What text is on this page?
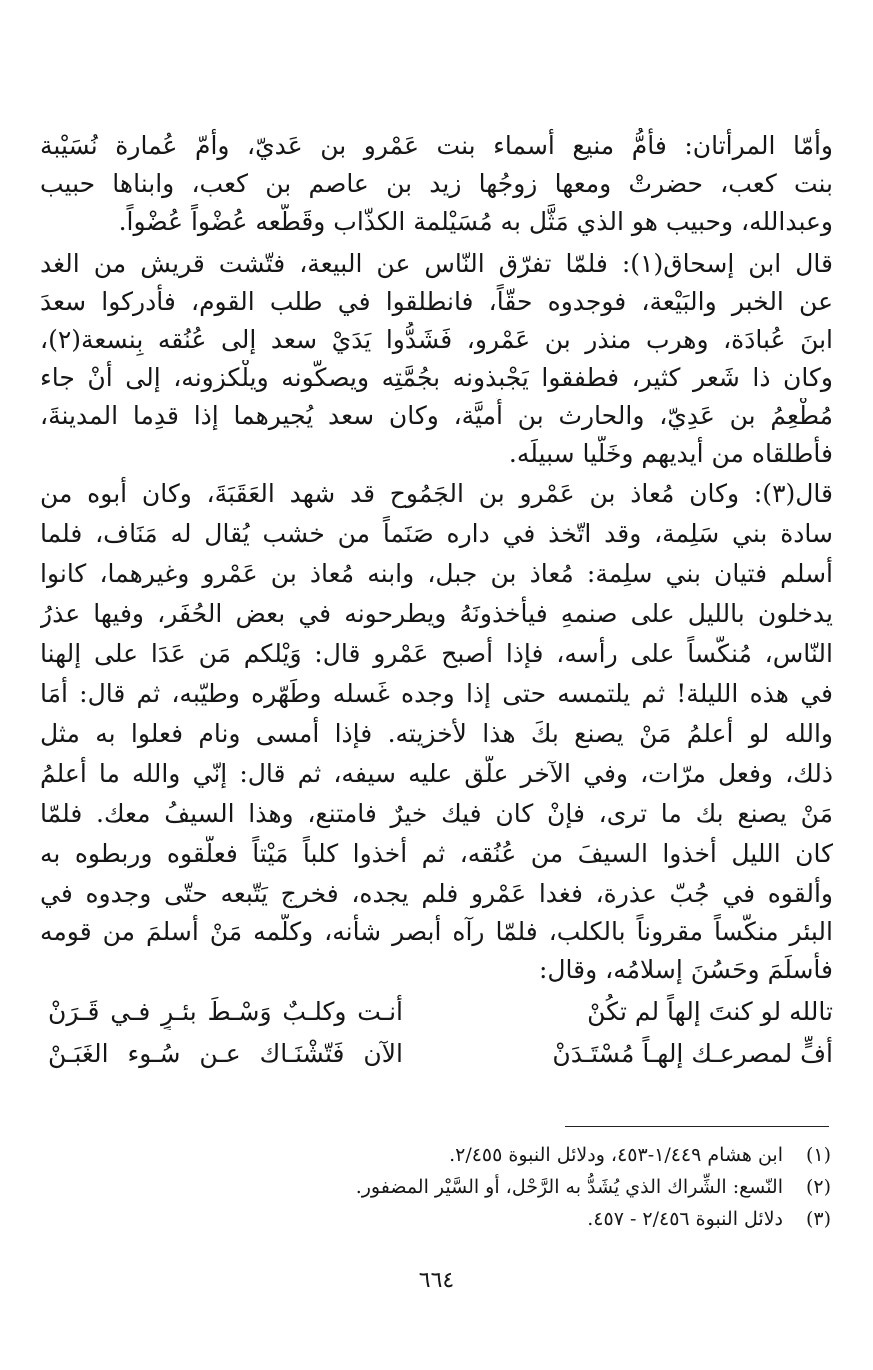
وأمّا المرأتان: فأمُّ منيع أسماء بنت عَمْرو بن عَديّ، وأمّ عُمارة نُسَيْبة
بنت كعب، حضرتْ ومعها زوجُها زيد بن عاصم بن كعب، وابناها حبيب
وعبدالله، وحبيب هو الذي مَثَّل به مُسَيْلمة الكذّاب وقَطَّعه عُضْواً عُضْواً.
قال ابن إسحاق(١): فلمّا تفرّق النّاس عن البيعة، فتّشت قريش من الغد
عن الخبر والبَيْعة، فوجدوه حقّاً، فانطلقوا في طلب القوم، فأدركوا سعدَ
ابنَ عُبادَة، وهرب منذر بن عَمْرو، فَشَدُّوا يَدَيْ سعد إلى عُنُقه بِنسعة(٢)،
وكان ذا شَعر كثير، فطفقوا يَجْبذونه بجُمَّتِه ويصكّونه ويلْكزونه، إلى أنْ جاء
مُطْعِمُ بن عَدِيّ، والحارث بن أُميَّة، وكان سعد يُجيرهما إذا قدِما المدينةَ،
فأطلقاه من أيديهم وخَلّيا سبيلَه.
قال(٣): وكان مُعاذ بن عَمْرو بن الجَمُوح قد شهد العَقَبَةَ، وكان أبوه من
سادة بني سَلِمة، وقد اتّخذ في داره صَنَماً من خشب يُقال له مَنَاف، فلما
أسلم فتيان بني سلِمة: مُعاذ بن جبل، وابنه مُعاذ بن عَمْرو وغيرهما، كانوا
يدخلون بالليل على صنمهِ فيأخذونَهُ ويطرحونه في بعض الحُفَر، وفيها عذرُ
النّاس، مُنكّساً على رأسه، فإذا أصبح عَمْرو قال: وَيْلكم مَن عَدَا على إلهنا
في هذه الليلة! ثم يلتمسه حتى إذا وجده غَسله وطَهّره وطيّبه، ثم قال: أمَا
والله لو أعلمُ مَنْ يصنع بكَ هذا لأخزيته. فإذا أمسى ونام فعلوا به مثل
ذلك، وفعل مرّات، وفي الآخر علّق عليه سيفه، ثم قال: إنّي والله ما أعلمُ
مَنْ يصنع بك ما ترى، فإنْ كان فيك خيرٌ فامتنع، وهذا السيفُ معك. فلمّا
كان الليل أخذوا السيفَ من عُنُقه، ثم أخذوا كلباً مَيْتاً فعلّقوه وربطوه به
وألقوه في جُبّ عذرة، فغدا عَمْرو فلم يجده، فخرج يَتّبعه حتّى وجدوه في
البئر منكّساً مقروناً بالكلب، فلمّا رآه أبصر شأنه، وكلّمه مَنْ أسلمَ من قومه
فأسلَمَ وحَسُنَ إسلامُه، وقال:
تالله لو كنتَ إلهاً لم تكُنْ
أنـت وكلـبٌ وَسْـطَ بئـرٍ فـي قَـرَنْ
أُفٍّ لمصرعـك إلهـاً مُسْتَـدَنْ
الآن فَتّشْنَـاك عـن سُـوء الغَبَـنْ
(١)ابن هشام ١/٤٤٩-٤٥٣، ودلائل النبوة ٢/٤٥٥.
(٢)النّسع: الشِّراك الذي يُشَدُّ به الرَّحْل، أو السَّيْر المضفور.
(٣)دلائل النبوة ٢/٤٥٦ - ٤٥٧.
٦٦٤
